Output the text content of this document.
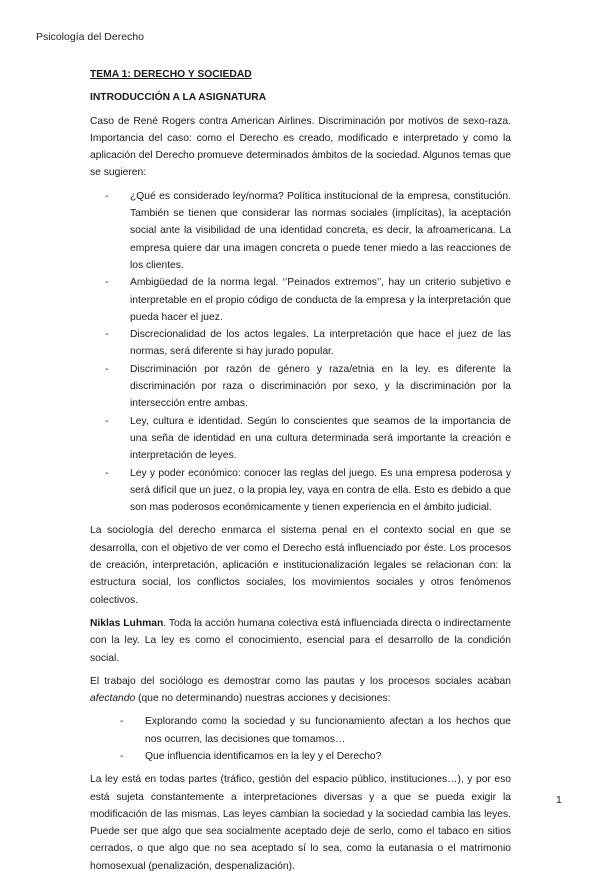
Psicología del Derecho
TEMA 1: DERECHO Y SOCIEDAD
INTRODUCCIÓN A LA ASIGNATURA

Caso de René Rogers contra American Airlines. Discriminación por motivos de sexo-raza. Importancia del caso: como el Derecho es creado, modificado e interpretado y como la aplicación del Derecho promueve determinados ámbitos de la sociedad. Algunos temas que se sugieren:

- ¿Qué es considerado ley/norma? Política institucional de la empresa, constitución. También se tienen que considerar las normas sociales (implícitas), la aceptación social ante la visibilidad de una identidad concreta, es decir, la afroamericana. La empresa quiere dar una imagen concreta o puede tener miedo a las reacciones de los clientes.
- Ambigüedad de la norma legal. ‘’Peinados extremos’’, hay un criterio subjetivo e interpretable en el propio código de conducta de la empresa y la interpretación que pueda hacer el juez.
- Discrecionalidad de los actos legales. La interpretación que hace el juez de las normas, será diferente si hay jurado popular.
- Discriminación por razón de género y raza/etnia en la ley. es diferente la discriminación por raza o discriminación por sexo, y la discriminación por la intersección entre ambas.
- Ley, cultura e identidad. Según lo conscientes que seamos de la importancia de una seña de identidad en una cultura determinada será importante la creación e interpretación de leyes.
- Ley y poder económico: conocer las reglas del juego. Es una empresa poderosa y será difícil que un juez, o la propia ley, vaya en contra de ella. Esto es debido a que son mas poderosos económicamente y tienen experiencia en el ámbito judicial.

La sociología del derecho enmarca el sistema penal en el contexto social en que se desarrolla, con el objetivo de ver como el Derecho está influenciado por éste. Los procesos de creación, interpretación, aplicación e institucionalización legales se relacionan con: la estructura social, los conflictos sociales, los movimientos sociales y otros fenómenos colectivos.

Niklas Luhman. Toda la acción humana colectiva está influenciada directa o indirectamente con la ley. La ley es como el conocimiento, esencial para el desarrollo de la condición social.

El trabajo del sociólogo es demostrar como las pautas y los procesos sociales acaban afectando (que no determinando) nuestras acciones y decisiones:

- Explorando como la sociedad y su funcionamiento afectan a los hechos que nos ocurren, las decisiones que tomamos…
- Que influencia identificamos en la ley y el Derecho?

La ley está en todas partes (tráfico, gestión del espacio público, instituciones…), y por eso está sujeta constantemente a interpretaciones diversas y a que se pueda exigir la modificación de las mismas. Las leyes cambian la sociedad y la sociedad cambia las leyes. Puede ser que algo que sea socialmente aceptado deje de serlo, como el tabaco en sitios cerrados, o que algo que no sea aceptado sí lo sea, como la eutanasia o el matrimonio homosexual (penalización, despenalización).

1
